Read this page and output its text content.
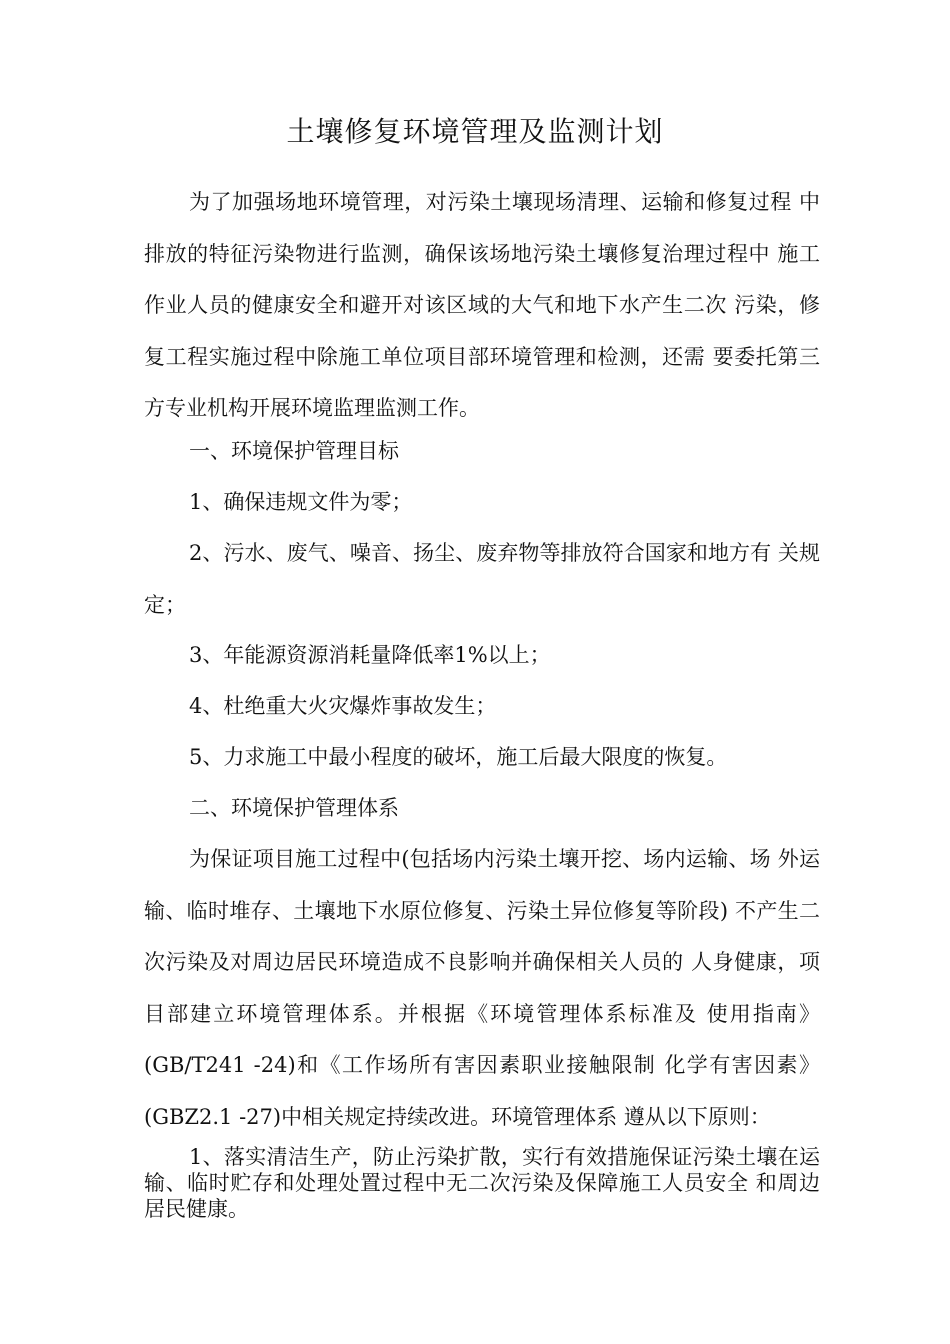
土壤修复环境管理及监测计划

为了加强场地环境管理，对污染土壤现场清理、运输和修复过程 中排放的特征污染物进行监测，确保该场地污染土壤修复治理过程中 施工作业人员的健康安全和避开对该区域的大气和地下水产生二次 污染，修复工程实施过程中除施工单位项目部环境管理和检测，还需 要委托第三方专业机构开展环境监理监测工作。

一、环境保护管理目标

1、确保违规文件为零；

2、污水、废气、噪音、扬尘、废弃物等排放符合国家和地方有 关规定；

3、年能源资源消耗量降低率1%以上；

4、杜绝重大火灾爆炸事故发生；

5、力求施工中最小程度的破坏，施工后最大限度的恢复。

二、环境保护管理体系

为保证项目施工过程中(包括场内污染土壤开挖、场内运输、场 外运输、临时堆存、土壤地下水原位修复、污染土异位修复等阶段) 不产生二次污染及对周边居民环境造成不良影响并确保相关人员的 人身健康，项目部建立环境管理体系。并根据《环境管理体系标准及 使用指南》(GB/T241 -24)和《工作场所有害因素职业接触限制 化学有害因素》(GBZ2.1 -27)中相关规定持续改进。环境管理体系 遵从以下原则：

1、落实清洁生产，防止污染扩散，实行有效措施保证污染土壤在运输、临时贮存和处理处置过程中无二次污染及保障施工人员安全 和周边居民健康。
